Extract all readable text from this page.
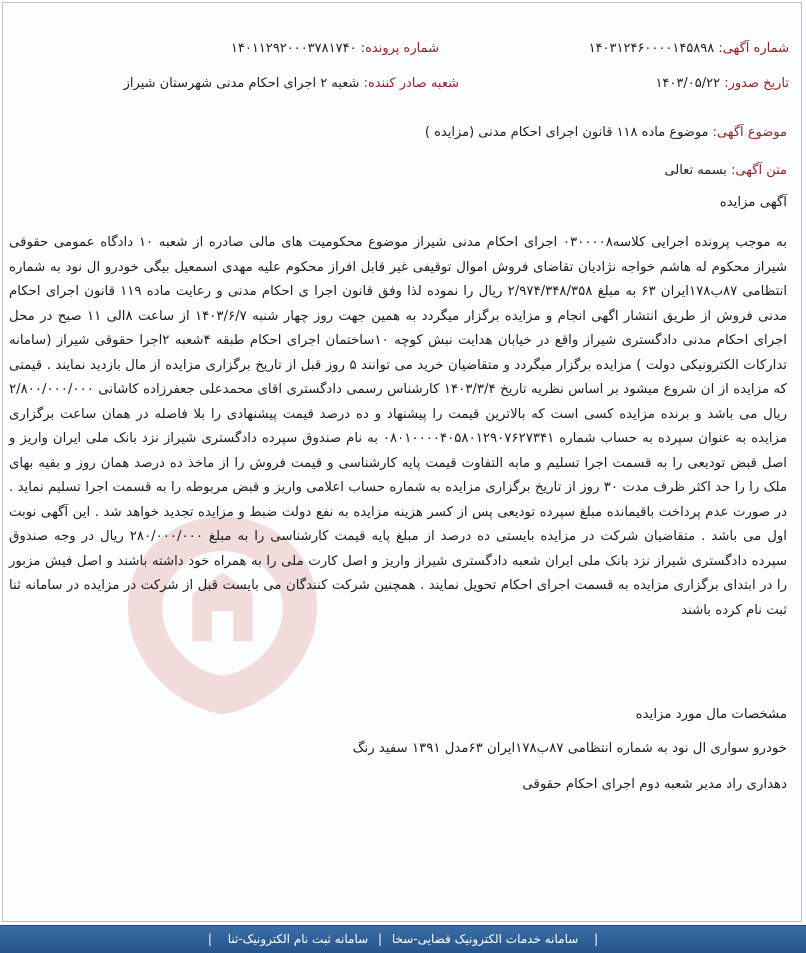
شماره آگهی: ۱۴۰۳۱۲۴۶۰۰۰۰۱۴۵۸۹۸
شماره پرونده: ۱۴۰۱۱۲۹۲۰۰۰۳۷۸۱۷۴۰
تاریخ صدور: ۱۴۰۳/۰۵/۲۲
شعبه صادر کننده: شعبه ۲ اجرای احکام مدنی شهرستان شیراز
موضوع آگهی: موضوع ماده ۱۱۸ قانون اجرای احکام مدنی (مزایده )
متن آگهی: بسمه تعالی
آگهی مزایده
به موجب پرونده اجرایی کلاسه۰۳۰۰۰۰۸ اجرای احکام مدنی شیراز موضوع محکومیت های مالی صادره از شعبه ۱۰ دادگاه عمومی حقوقی شیراز محکوم له هاشم خواجه نژادیان تقاضای فروش اموال توقیفی غیر قابل افراز محکوم علیه مهدی اسمعیل بیگی خودرو ال نود به شماره انتظامی ۸۷ب۱۷۸ایران ۶۳ به مبلغ ۲/۹۷۴/۳۴۸/۳۵۸ ریال را نموده لذا وفق قانون اجرا ی احکام مدنی و رعایت ماده ۱۱۹ قانون اجرای احکام مدنی فروش از طریق انتشار اگهی انجام و مزایده برگزار میگردد به همین جهت روز چهار شنبه ۱۴۰۳/۶/۷ از ساعت ۸الی ۱۱ صبح در محل اجرای احکام مدنی دادگستری شیراز واقع در خیابان هدایت نبش کوچه ۱۰ساختمان اجرای احکام طبقه ۴شعبه ۲اجرا حقوقی شیراز (سامانه تدارکات الکترونیکی دولت ) مزایده برگزار میگردد و متقاضیان خرید می توانند ۵ روز قبل از تاریخ برگزاری مزایده از مال بازدید نمایند . قیمتی که مزایده از ان شروع میشود بر اساس نظریه تاریخ ۱۴۰۳/۳/۴ کارشناس رسمی دادگستری اقای محمدعلی جعفرزاده کاشانی ۲/۸۰۰/۰۰۰/۰۰۰ ریال می باشد و برنده مزایده کسی است که بالاترین قیمت را پیشنهاد و ده درصد قیمت پیشنهادی را بلا فاصله در همان ساعت برگزاری مزایده به عنوان سپرده به حساب شماره ۰۸۰۱۰۰۰۰۴۰۵۸۰۱۲۹۰۷۶۲۷۳۴۱ به نام صندوق سپرده دادگستری شیراز نزد بانک ملی ایران واریز و اصل قبض تودیعی را به قسمت اجرا تسلیم و مابه التفاوت قیمت پایه کارشناسی و قیمت فروش را از ماخذ ده درصد همان روز و بقیه بهای ملک را را حد اکثر ظرف مدت ۳۰ روز از تاریخ برگزاری مزایده به شماره حساب اعلامی واریز و قبض مربوطه را به قسمت اجرا تسلیم نماید . در صورت عدم پرداخت باقیمانده مبلغ سپرده تودیعی پس از کسر هزینه مزایده به نفع دولت ضبط و مزایده تجدید خواهد شد . این آگهی نوبت اول می باشد . متقاضیان شرکت در مزایده بایستی ده درصد از مبلغ پایه قیمت کارشناسی را به مبلغ ۲۸۰/۰۰۰/۰۰۰ ریال در وجه صندوق سپرده دادگستری شیراز نزد بانک ملی ایران شعبه دادگستری شیراز واریز و اصل کارت ملی را به همراه خود داشته باشند و اصل فیش مزبور را در ابتدای برگزاری مزایده به قسمت اجرای احکام تحویل نمایند . همچنین شرکت کنندگان می بایست قبل از شرکت در مزایده در سامانه ثنا ثبت نام کرده باشند
مشخصات مال مورد مزایده
خودرو سواری ال نود به شماره انتظامی ۸۷ب۱۷۸ایران ۶۳مدل ۱۳۹۱ سفید رنگ
دهداری راد مدیر شعبه دوم اجرای احکام حقوقی
| سامانه خدمات الکترونیک قضایی-سخا | سامانه ثبت نام الکترونیک-ثنا |
